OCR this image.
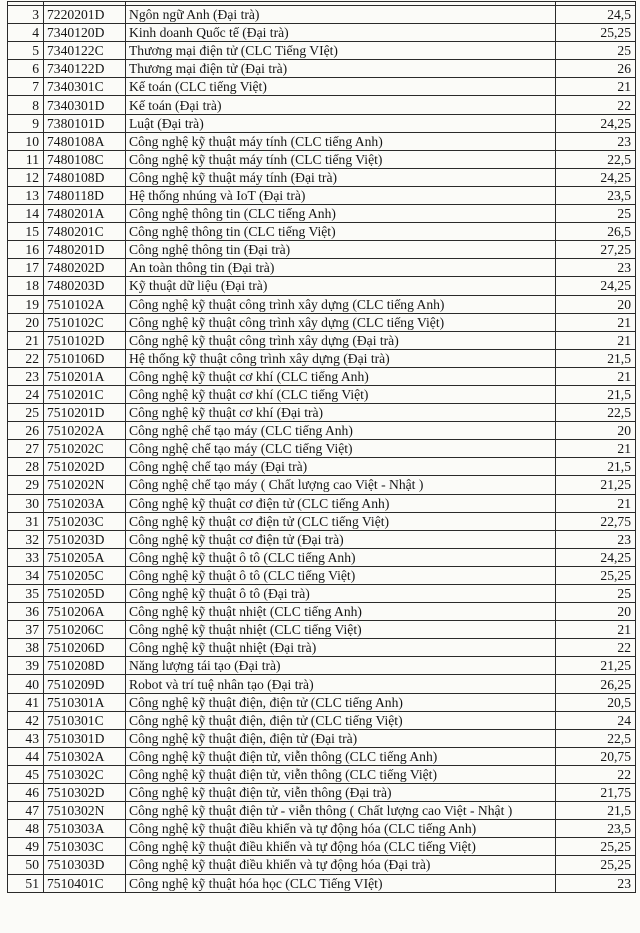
3	7220201D	Ngôn ngữ Anh (Đại trà)	24,5
4	7340120D	Kinh doanh Quốc tế (Đại trà)	25,25
5	7340122C	Thương mại điện tử (CLC Tiếng VIệt)	25
6	7340122D	Thương mại điện tử (Đại trà)	26
7	7340301C	Kế toán (CLC tiếng Việt)	21
8	7340301D	Kế toán (Đại trà)	22
9	7380101D	Luật (Đại trà)	24,25
10	7480108A	Công nghệ kỹ thuật máy tính (CLC tiếng Anh)	23
11	7480108C	Công nghệ kỹ thuật máy tính (CLC tiếng Việt)	22,5
12	7480108D	Công nghệ kỹ thuật máy tính (Đại trà)	24,25
13	7480118D	Hệ thống nhúng và IoT (Đại trà)	23,5
14	7480201A	Công nghệ thông tin (CLC tiếng Anh)	25
15	7480201C	Công nghệ thông tin (CLC tiếng Việt)	26,5
16	7480201D	Công nghệ thông tin (Đại trà)	27,25
17	7480202D	An toàn thông tin (Đại trà)	23
18	7480203D	Kỹ thuật dữ liệu (Đại trà)	24,25
19	7510102A	Công nghệ kỹ thuật công trình xây dựng (CLC tiếng Anh)	20
20	7510102C	Công nghệ kỹ thuật công trình xây dựng (CLC tiếng Việt)	21
21	7510102D	Công nghệ kỹ thuật công trình xây dựng (Đại trà)	21
22	7510106D	Hệ thống kỹ thuật công trình xây dựng (Đại trà)	21,5
23	7510201A	Công nghệ kỹ thuật cơ khí (CLC tiếng Anh)	21
24	7510201C	Công nghệ kỹ thuật cơ khí (CLC tiếng Việt)	21,5
25	7510201D	Công nghệ kỹ thuật cơ khí (Đại trà)	22,5
26	7510202A	Công nghệ chế tạo máy (CLC tiếng Anh)	20
27	7510202C	Công nghệ chế tạo máy (CLC tiếng Việt)	21
28	7510202D	Công nghệ chế tạo máy (Đại trà)	21,5
29	7510202N	Công nghệ chế tạo máy ( Chất lượng cao Việt - Nhật )	21,25
30	7510203A	Công nghệ kỹ thuật cơ điện tử (CLC tiếng Anh)	21
31	7510203C	Công nghệ kỹ thuật cơ điện tử (CLC tiếng Việt)	22,75
32	7510203D	Công nghệ kỹ thuật cơ điện tử (Đại trà)	23
33	7510205A	Công nghệ kỹ thuật ô tô (CLC tiếng Anh)	24,25
34	7510205C	Công nghệ kỹ thuật ô tô (CLC tiếng Việt)	25,25
35	7510205D	Công nghệ kỹ thuật ô tô (Đại trà)	25
36	7510206A	Công nghệ kỹ thuật nhiệt (CLC tiếng Anh)	20
37	7510206C	Công nghệ kỹ thuật nhiệt (CLC tiếng Việt)	21
38	7510206D	Công nghệ kỹ thuật nhiệt (Đại trà)	22
39	7510208D	Năng lượng tái tạo (Đại trà)	21,25
40	7510209D	Robot và trí tuệ nhân tạo (Đại trà)	26,25
41	7510301A	Công nghệ kỹ thuật điện, điện tử (CLC tiếng Anh)	20,5
42	7510301C	Công nghệ kỹ thuật điện, điện tử (CLC tiếng Việt)	24
43	7510301D	Công nghệ kỹ thuật điện, điện tử (Đại trà)	22,5
44	7510302A	Công nghệ kỹ thuật điện tử, viễn thông (CLC tiếng Anh)	20,75
45	7510302C	Công nghệ kỹ thuật điện tử, viễn thông (CLC tiếng Việt)	22
46	7510302D	Công nghệ kỹ thuật điện tử, viễn thông (Đại trà)	21,75
47	7510302N	Công nghệ kỹ thuật điện tử - viễn thông ( Chất lượng cao Việt - Nhật )	21,5
48	7510303A	Công nghệ kỹ thuật điều khiển và tự động hóa (CLC tiếng Anh)	23,5
49	7510303C	Công nghệ kỹ thuật điều khiển và tự động hóa (CLC tiếng Việt)	25,25
50	7510303D	Công nghệ kỹ thuật điều khiển và tự động hóa (Đại trà)	25,25
51	7510401C	Công nghệ kỹ thuật hóa học (CLC Tiếng VIệt)	23
